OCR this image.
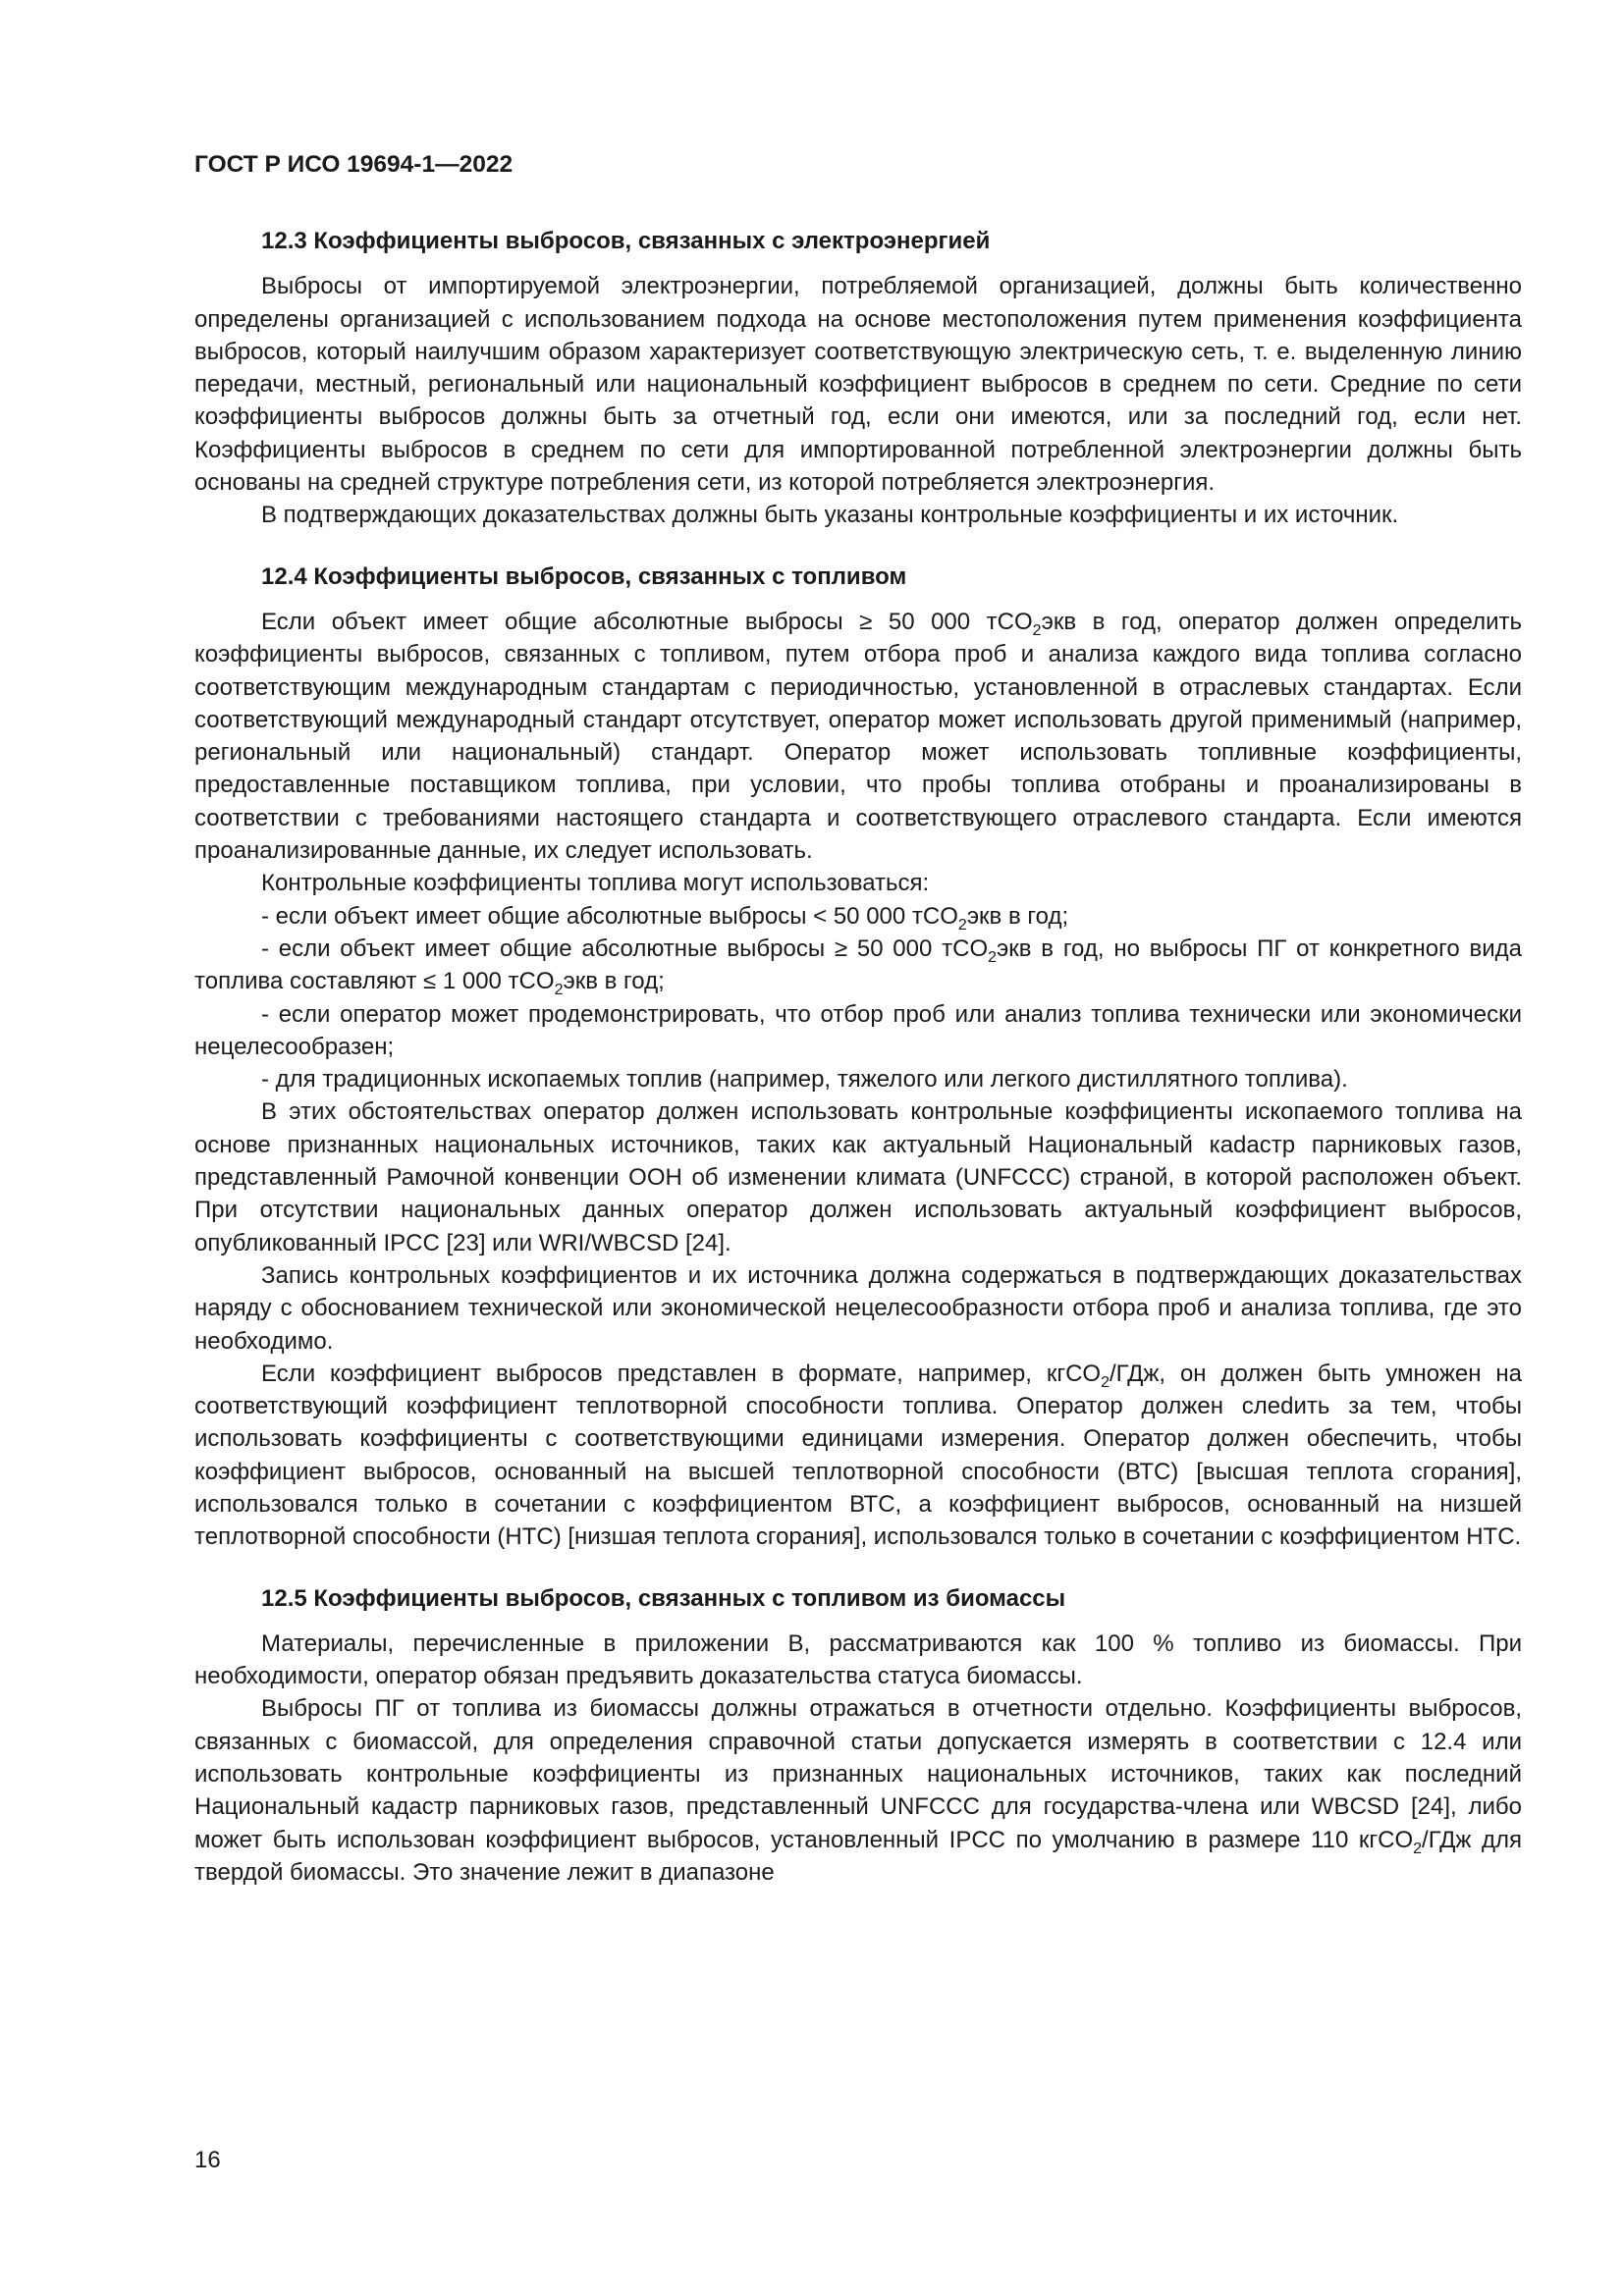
ГОСТ Р ИСО 19694-1—2022

12.3 Коэффициенты выбросов, связанных с электроэнергией

Выбросы от импортируемой электроэнергии, потребляемой организацией, должны быть количественно определены организацией с использованием подхода на основе местоположения путем применения коэффициента выбросов, который наилучшим образом характеризует соответствующую электрическую сеть, т. е. выделенную линию передачи, местный, региональный или национальный коэффициент выбросов в среднем по сети. Средние по сети коэффициенты выбросов должны быть за отчетный год, если они имеются, или за последний год, если нет. Коэффициенты выбросов в среднем по сети для импортированной потребленной электроэнергии должны быть основаны на средней структуре потребления сети, из которой потребляется электроэнергия.

В подтверждающих доказательствах должны быть указаны контрольные коэффициенты и их источник.

12.4 Коэффициенты выбросов, связанных с топливом

Если объект имеет общие абсолютные выбросы ≥ 50 000 тCO$_2$экв в год, оператор должен определить коэффициенты выбросов, связанных с топливом, путем отбора проб и анализа каждого вида топлива согласно соответствующим международным стандартам с периодичностью, установленной в отраслевых стандартах. Если соответствующий международный стандарт отсутствует, оператор может использовать другой применимый (например, региональный или национальный) стандарт. Оператор может использовать топливные коэффициенты, предоставленные поставщиком топлива, при условии, что пробы топлива отобраны и проанализированы в соответствии с требованиями настоящего стандарта и соответствующего отраслевого стандарта. Если имеются проанализированные данные, их следует использовать.

Контрольные коэффициенты топлива могут использоваться:

- если объект имеет общие абсолютные выбросы < 50 000 тCO$_2$экв в год;

- если объект имеет общие абсолютные выбросы ≥ 50 000 тCO$_2$экв в год, но выбросы ПГ от конкретного вида топлива составляют ≤ 1 000 тCO$_2$экв в год;

- если оператор может продемонстрировать, что отбор проб или анализ топлива технически или экономически нецелесообразен;

- для традиционных ископаемых топлив (например, тяжелого или легкого дистиллятного топлива).

В этих обстоятельствах оператор должен использовать контрольные коэффициенты ископаемого топлива на основе признанных национальных источников, таких как актуальный Национальный каdастр парниковых газов, представленный Рамочной конвенции ООН об изменении климата (UNFCCC) страной, в которой расположен объект. При отсутствии национальных данных оператор должен использовать актуальный коэффициент выбросов, опубликованный IPCC [23] или WRI/WBCSD [24].

Запись контрольных коэффициентов и их источника должна содержаться в подтверждающих доказательствах наряду с обоснованием технической или экономической нецелесообразности отбора проб и анализа топлива, где это необходимо.

Если коэффициент выбросов представлен в формате, например, кгCO$_2$/ГДж, он должен быть умножен на соответствующий коэффициент теплотворной способности топлива. Оператор должен слеdить за тем, чтобы использовать коэффициенты с соответствующими единицами измерения. Оператор должен обеспечить, чтобы коэффициент выбросов, основанный на высшей теплотворной способности (ВТС) [высшая теплота сгорания], использовался только в сочетании с коэффициентом ВТС, а коэффициент выбросов, основанный на низшей теплотворной способности (НТС) [низшая теплота сгорания], использовался только в сочетании с коэффициентом НТС.

12.5 Коэффициенты выбросов, связанных с топливом из биомассы

Материалы, перечисленные в приложении В, рассматриваются как 100 % топливо из биомассы. При необходимости, оператор обязан предъявить доказательства статуса биомассы.

Выбросы ПГ от топлива из биомассы должны отражаться в отчетности отдельно. Коэффициенты выбросов, связанных с биомассой, для определения справочной статьи допускается измерять в соответствии с 12.4 или использовать контрольные коэффициенты из признанных национальных источников, таких как последний Национальный кадастр парниковых газов, представленный UNFCCC для государства-члена или WBCSD [24], либо может быть использован коэффициент выбросов, установленный IPCC по умолчанию в размере 110 кгCO$_2$/ГДж для твердой биомассы. Это значение лежит в диапазоне

16
